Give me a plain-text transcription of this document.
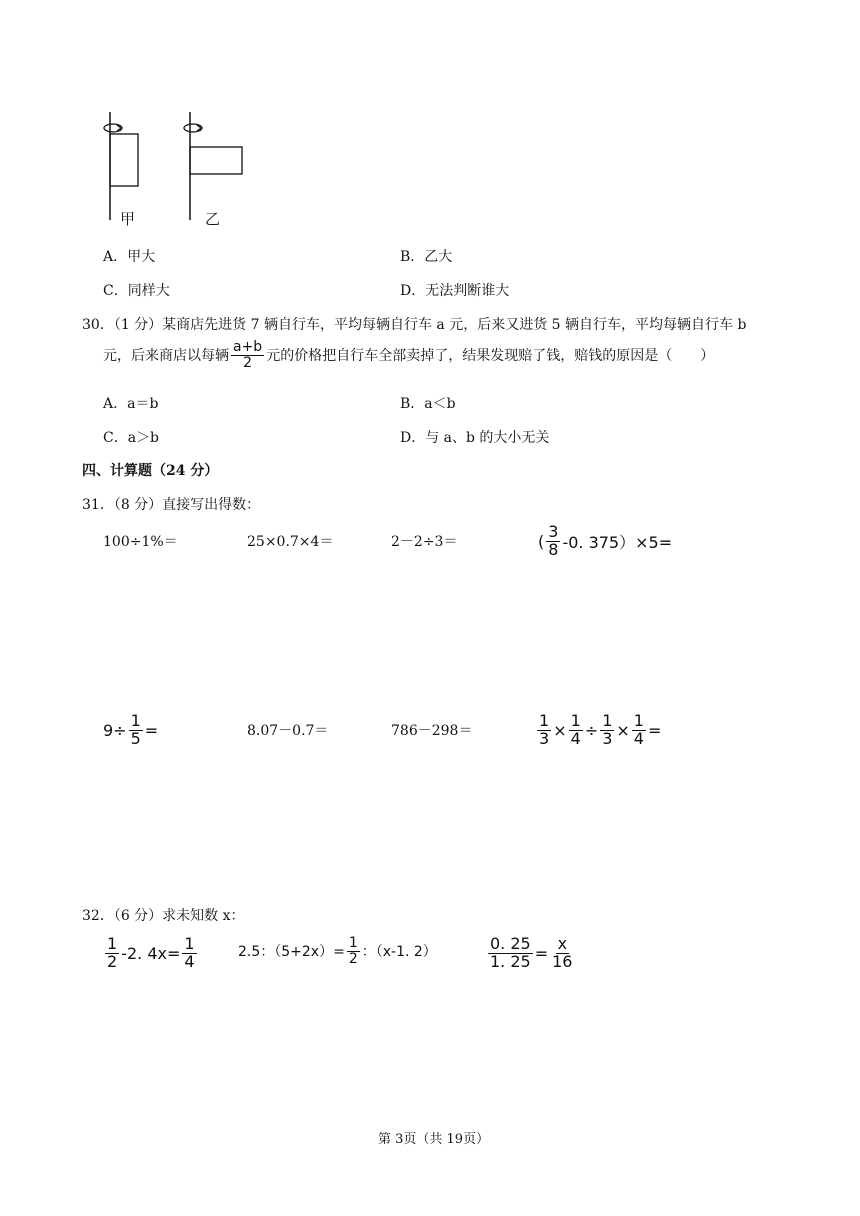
甲	乙
A．甲大	B．乙大
C．同样大	D．无法判断谁大
30．（1 分）某商店先进货 7 辆自行车，平均每辆自行车 a 元，后来又进货 5 辆自行车，平均每辆自行车 b
元，后来商店以每辆 $\frac{a+b}{2}$ 元的价格把自行车全部卖掉了，结果发现赔了钱，赔钱的原因是（　　）
A．a＝b	B．a＜b
C．a＞b	D．与 a、b 的大小无关
四、计算题（24 分）
31．（8 分）直接写出得数：
100÷1%＝	25×0.7×4＝	2－2÷3＝	( $\frac{3}{8} -0$. 375）×5=
$9\div \frac{1}{5}$ =	8.07－0.7＝	786－298＝	$\frac{1}{3} \times \frac{1}{4} \div \frac{1}{3} \times \frac{1}{4}$ =
32．（6 分）求未知数 x：
$\frac{1}{2} -2$. $4x= \frac{1}{4}$	2.5：$(5+2x)= \frac{1}{2}$ ：（x-1. 2）	$\frac{0. 25}{1. 25} = \frac{x}{16}$
第 3页（共 19页）
